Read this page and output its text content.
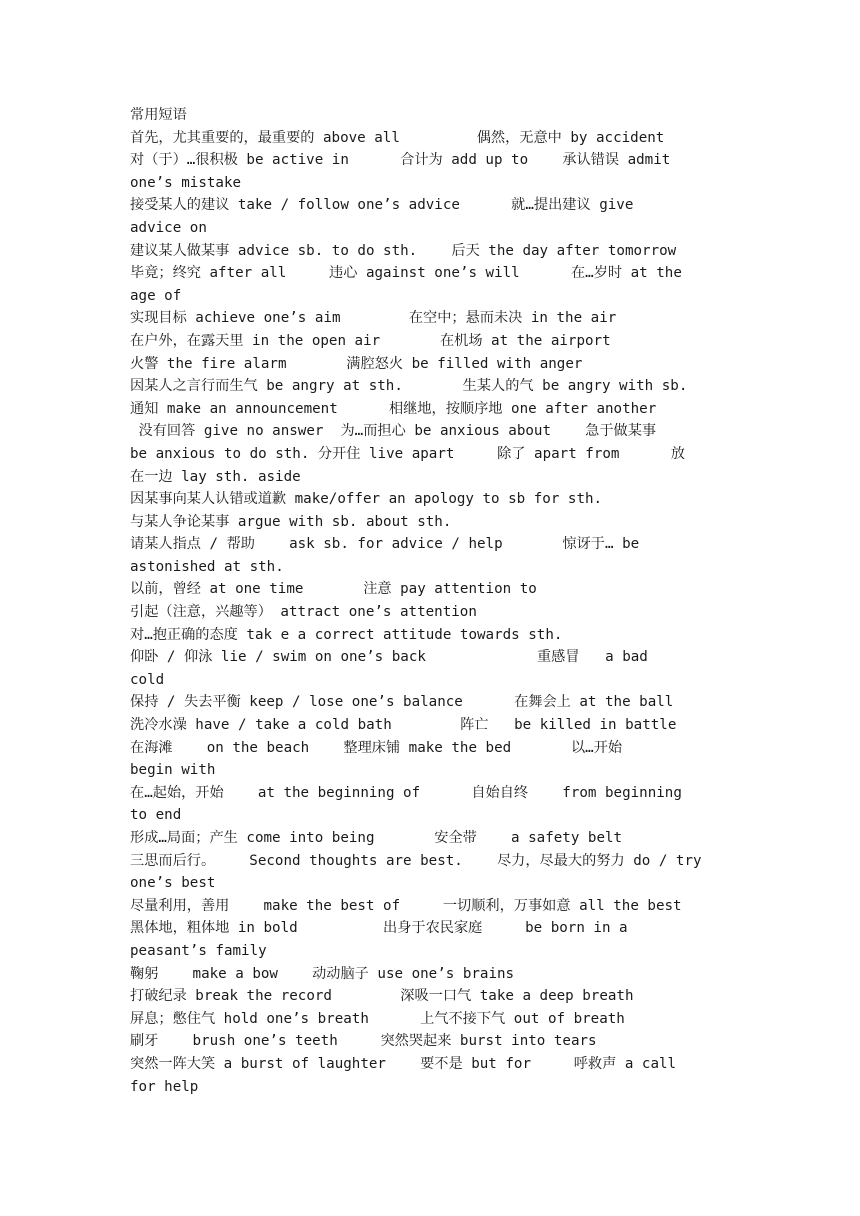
常用短语
首先，尤其重要的，最重要的 above all         偶然，无意中 by accident
对（于）…很积极 be active in      合计为 add up to    承认错误 admit
one’s mistake
接受某人的建议 take / follow one’s advice      就…提出建议 give
advice on
建议某人做某事 advice sb. to do sth.    后天 the day after tomorrow
毕竟；终究 after all     违心 against one’s will      在…岁时 at the
age of
实现目标 achieve one’s aim        在空中；悬而未决 in the air
在户外，在露天里 in the open air       在机场 at the airport
火警 the fire alarm       满腔怒火 be filled with anger
因某人之言行而生气 be angry at sth.       生某人的气 be angry with sb.
通知 make an announcement      相继地，按顺序地 one after another
没有回答 give no answer  为…而担心 be anxious about    急于做某事
be anxious to do sth. 分开住 live apart     除了 apart from      放
在一边 lay sth. aside
因某事向某人认错或道歉 make/offer an apology to sb for sth.
与某人争论某事 argue with sb. about sth.
请某人指点 / 帮助    ask sb. for advice / help       惊讶于… be
astonished at sth.
以前，曾经 at one time       注意 pay attention to
引起（注意，兴趣等） attract one’s attention
对…抱正确的态度 tak e a correct attitude towards sth.
仰卧 / 仰泳 lie / swim on one’s back             重感冒   a bad
cold
保持 / 失去平衡 keep / lose one’s balance      在舞会上 at the ball
洗冷水澡 have / take a cold bath        阵亡   be killed in battle
在海滩    on the beach    整理床铺 make the bed       以…开始
begin with
在…起始，开始    at the beginning of      自始自终    from beginning
to end
形成…局面；产生 come into being       安全带    a safety belt
三思而后行。    Second thoughts are best.    尽力，尽最大的努力 do / try
one’s best
尽量利用，善用    make the best of     一切顺利，万事如意 all the best
黑体地，粗体地 in bold          出身于农民家庭     be born in a
peasant’s family
鞠躬    make a bow    动动脑子 use one’s brains
打破纪录 break the record        深吸一口气 take a deep breath
屏息；憋住气 hold one’s breath      上气不接下气 out of breath
刷牙    brush one’s teeth     突然哭起来 burst into tears
突然一阵大笑 a burst of laughter    要不是 but for     呼救声 a call
for help
